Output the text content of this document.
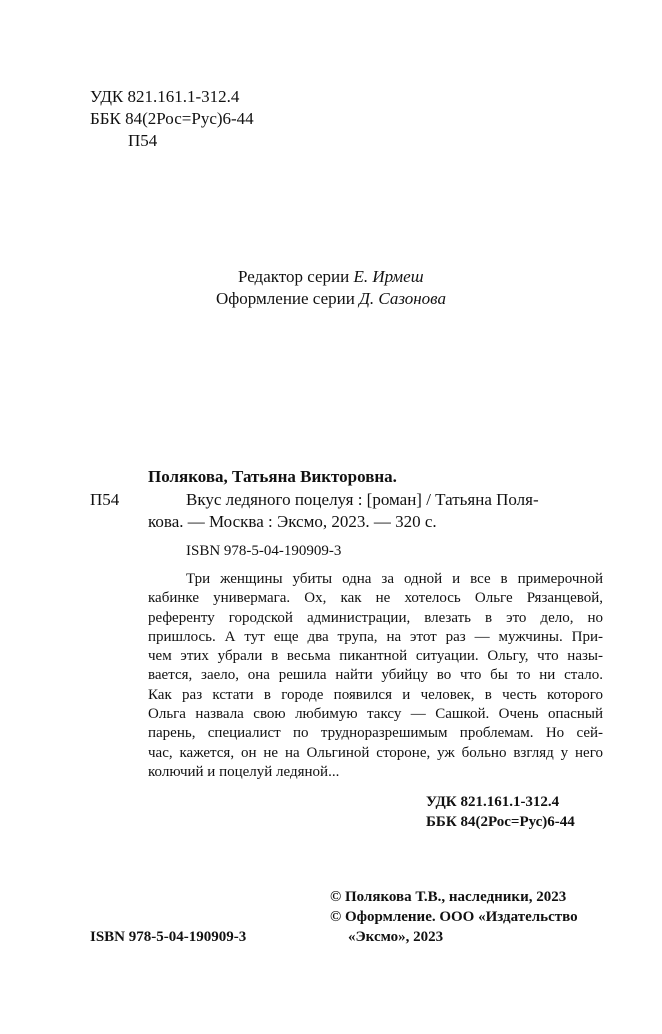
УДК 821.161.1-312.4
ББК 84(2Рос=Рус)6-44
П54
Редактор серии Е. Ирмеш
Оформление серии Д. Сазонова
Полякова, Татьяна Викторовна.
П54	Вкус ледяного поцелуя : [роман] / Татьяна Поля-
кова. — Москва : Эксмо, 2023. — 320 с.
ISBN 978-5-04-190909-3

Три женщины убиты одна за одной и все в примерочной

кабинке универмага. Ох, как не хотелось Ольге Рязанцевой,

референту городской администрации, влезать в это дело, но

пришлось. А тут еще два трупа, на этот раз — мужчины. При-

чем этих убрали в весьма пикантной ситуации. Ольгу, что назы-

вается, заело, она решила найти убийцу во что бы то ни стало.

Как раз кстати в городе появился и человек, в честь которого

Ольга назвала свою любимую таксу — Сашкой. Очень опасный

парень, специалист по трудноразрешимым проблемам. Но сей-

час, кажется, он не на Ольгиной стороне, уж больно взгляд у него

колючий и поцелуй ледяной...

УДК 821.161.1-312.4
ББК 84(2Рос=Рус)6-44
© Полякова Т.В., наследники, 2023
© Оформление. ООО «Издательство
«Эксмо», 2023
ISBN 978-5-04-190909-3
